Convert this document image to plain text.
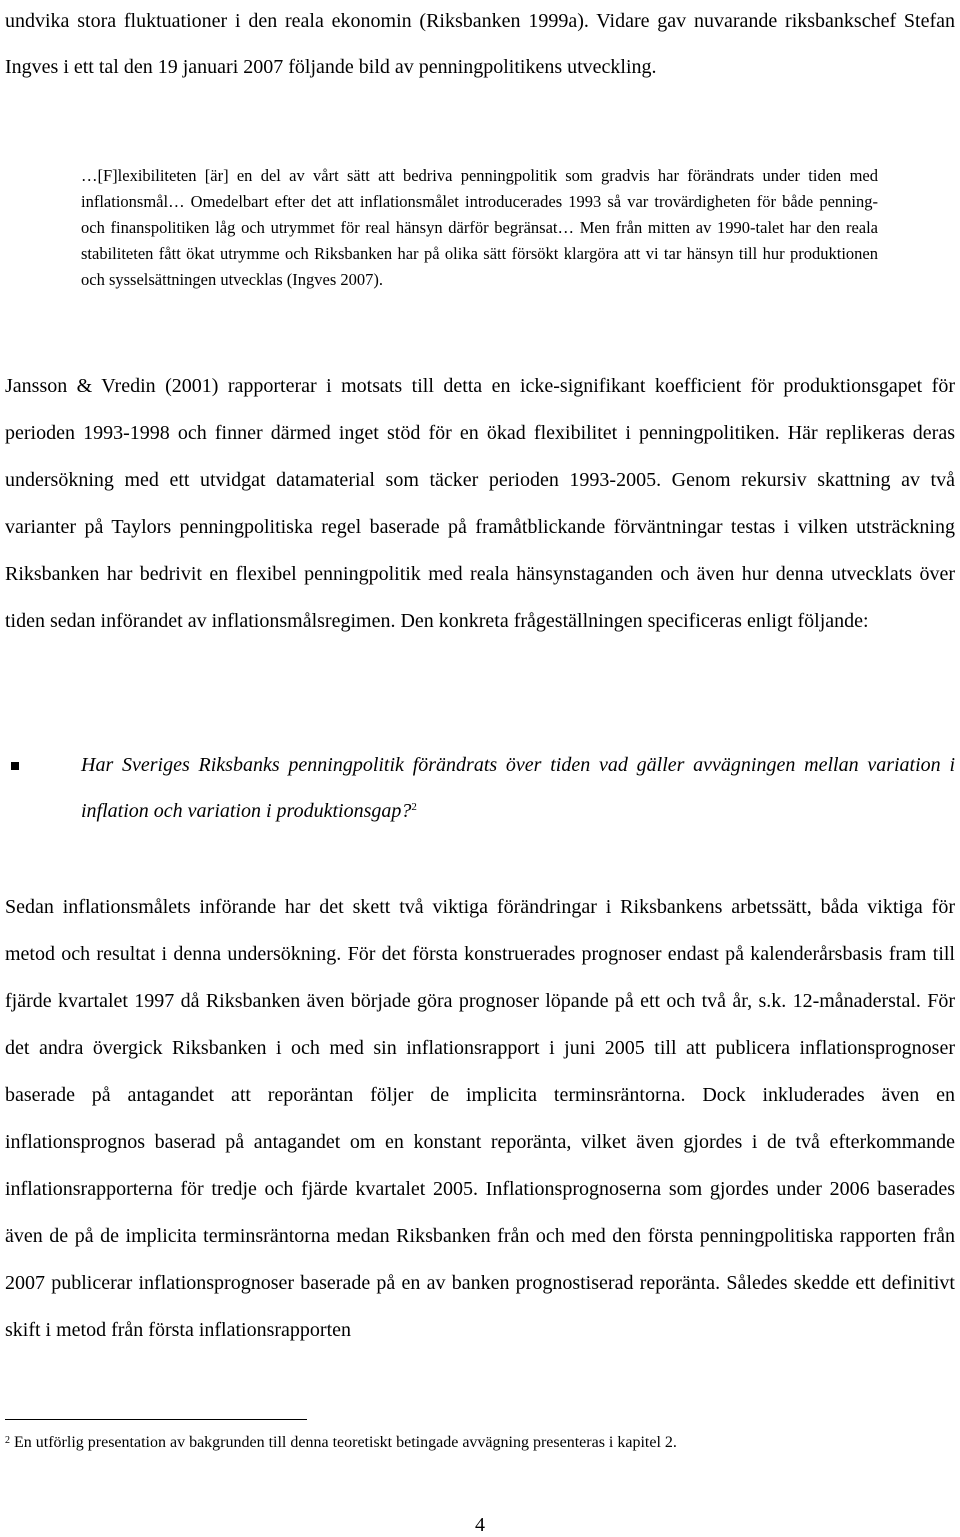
undvika stora fluktuationer i den reala ekonomin (Riksbanken 1999a). Vidare gav nuvarande riksbankschef Stefan Ingves i ett tal den 19 januari 2007 följande bild av penningpolitikens utveckling.

…[F]lexibiliteten [är] en del av vårt sätt att bedriva penningpolitik som gradvis har förändrats under tiden med inflationsmål… Omedelbart efter det att inflationsmålet introducerades 1993 så var trovärdigheten för både penning- och finanspolitiken låg och utrymmet för real hänsyn därför begränsat… Men från mitten av 1990-talet har den reala stabiliteten fått ökat utrymme och Riksbanken har på olika sätt försökt klargöra att vi tar hänsyn till hur produktionen och sysselsättningen utvecklas (Ingves 2007).

Jansson & Vredin (2001) rapporterar i motsats till detta en icke-signifikant koefficient för produktionsgapet för perioden 1993-1998 och finner därmed inget stöd för en ökad flexibilitet i penningpolitiken. Här replikeras deras undersökning med ett utvidgat datamaterial som täcker perioden 1993-2005. Genom rekursiv skattning av två varianter på Taylors penningpolitiska regel baserade på framåtblickande förväntningar testas i vilken utsträckning Riksbanken har bedrivit en flexibel penningpolitik med reala hänsynstaganden och även hur denna utvecklats över tiden sedan införandet av inflationsmålsregimen. Den konkreta frågeställningen specificeras enligt följande:

Har Sveriges Riksbanks penningpolitik förändrats över tiden vad gäller avvägningen mellan variation i inflation och variation i produktionsgap?$^2$

Sedan inflationsmålets införande har det skett två viktiga förändringar i Riksbankens arbetssätt, båda viktiga för metod och resultat i denna undersökning. För det första konstruerades prognoser endast på kalenderårsbasis fram till fjärde kvartalet 1997 då Riksbanken även började göra prognoser löpande på ett och två år, s.k. 12-månaderstal. För det andra övergick Riksbanken i och med sin inflationsrapport i juni 2005 till att publicera inflationsprognoser baserade på antagandet att reporäntan följer de implicita terminsräntorna. Dock inkluderades även en inflationsprognos baserad på antagandet om en konstant reporänta, vilket även gjordes i de två efterkommande inflationsrapporterna för tredje och fjärde kvartalet 2005. Inflationsprognoserna som gjordes under 2006 baserades även de på de implicita terminsräntorna medan Riksbanken från och med den första penningpolitiska rapporten från 2007 publicerar inflationsprognoser baserade på en av banken prognostiserad reporänta. Således skedde ett definitivt skift i metod från första inflationsrapporten

$^2$ En utförlig presentation av bakgrunden till denna teoretiskt betingade avvägning presenteras i kapitel 2.

4
